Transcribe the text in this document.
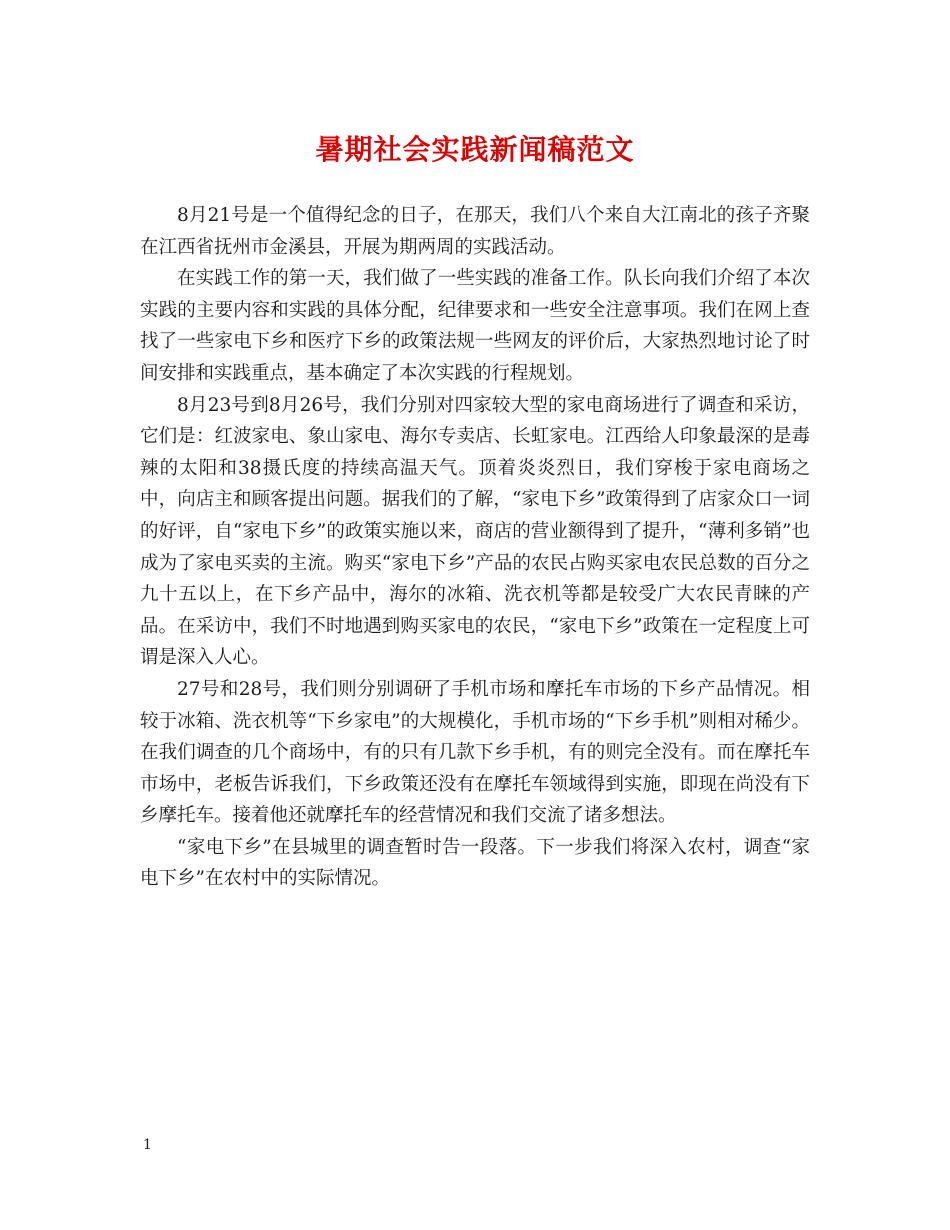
暑期社会实践新闻稿范文

8月21号是一个值得纪念的日子，在那天，我们八个来自大江南北的孩子齐聚在江西省抚州市金溪县，开展为期两周的实践活动。

在实践工作的第一天，我们做了一些实践的准备工作。队长向我们介绍了本次实践的主要内容和实践的具体分配，纪律要求和一些安全注意事项。我们在网上查找了一些家电下乡和医疗下乡的政策法规一些网友的评价后，大家热烈地讨论了时间安排和实践重点，基本确定了本次实践的行程规划。

8月23号到8月26号，我们分别对四家较大型的家电商场进行了调查和采访，它们是：红波家电、象山家电、海尔专卖店、长虹家电。江西给人印象最深的是毒辣的太阳和38摄氏度的持续高温天气。顶着炎炎烈日，我们穿梭于家电商场之中，向店主和顾客提出问题。据我们的了解，“家电下乡”政策得到了店家众口一词的好评，自“家电下乡”的政策实施以来，商店的营业额得到了提升，“薄利多销”也成为了家电买卖的主流。购买“家电下乡”产品的农民占购买家电农民总数的百分之九十五以上，在下乡产品中，海尔的冰箱、洗衣机等都是较受广大农民青睐的产品。在采访中，我们不时地遇到购买家电的农民，“家电下乡”政策在一定程度上可谓是深入人心。

27号和28号，我们则分别调研了手机市场和摩托车市场的下乡产品情况。相较于冰箱、洗衣机等“下乡家电”的大规模化，手机市场的“下乡手机”则相对稀少。在我们调查的几个商场中，有的只有几款下乡手机，有的则完全没有。而在摩托车市场中，老板告诉我们，下乡政策还没有在摩托车领域得到实施，即现在尚没有下乡摩托车。接着他还就摩托车的经营情况和我们交流了诸多想法。

“家电下乡”在县城里的调查暂时告一段落。下一步我们将深入农村，调查“家电下乡”在农村中的实际情况。

1
